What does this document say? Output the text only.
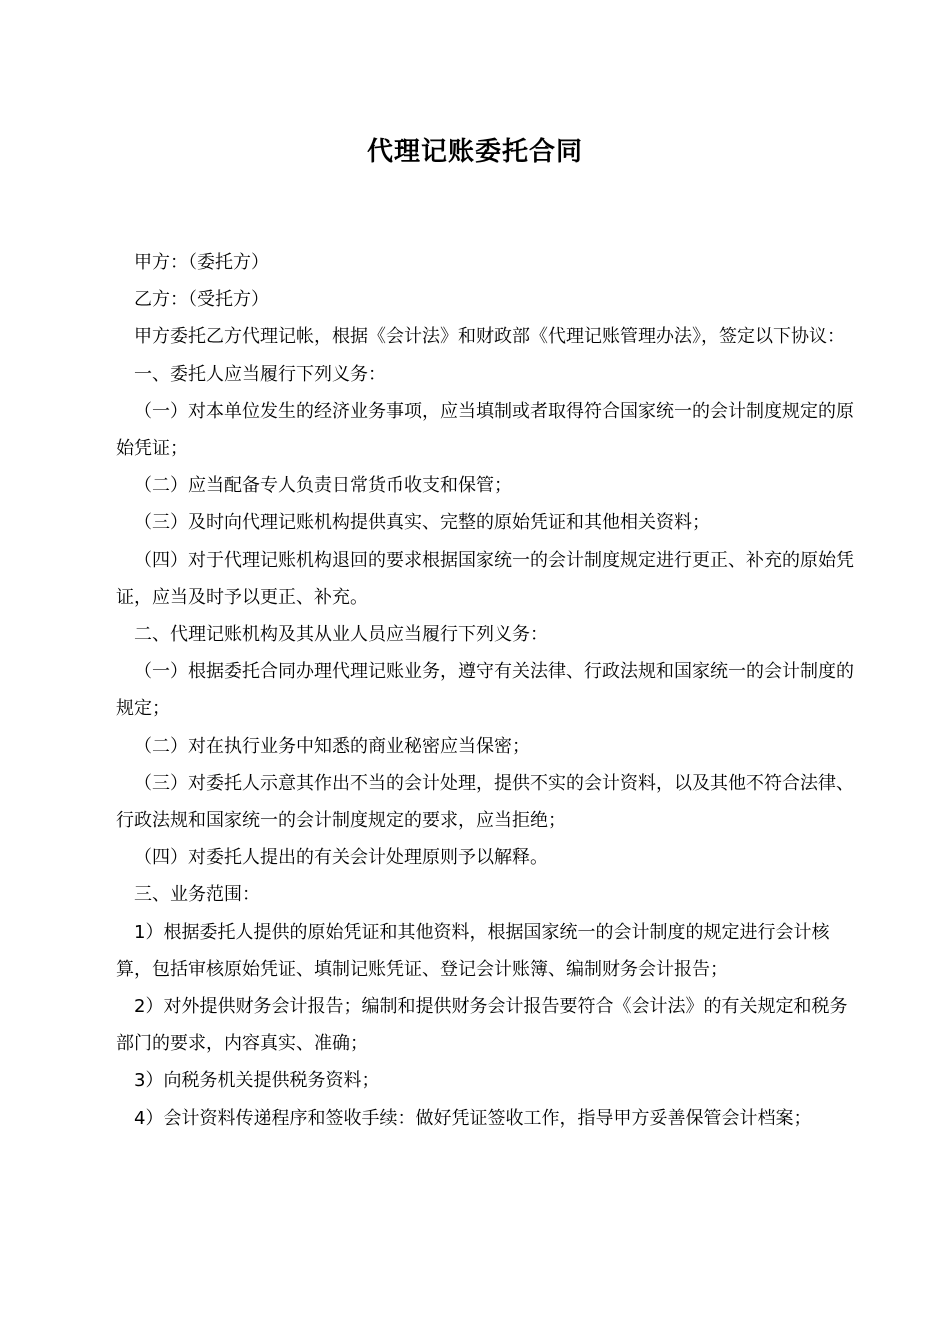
代理记账委托合同

甲方：（委托方）

乙方：（受托方）

甲方委托乙方代理记帐，根据《会计法》和财政部《代理记账管理办法》，签定以下协议：

一、委托人应当履行下列义务：

（一）对本单位发生的经济业务事项，应当填制或者取得符合国家统一的会计制度规定的原始凭证；

（二）应当配备专人负责日常货币收支和保管；

（三）及时向代理记账机构提供真实、完整的原始凭证和其他相关资料；

（四）对于代理记账机构退回的要求根据国家统一的会计制度规定进行更正、补充的原始凭证，应当及时予以更正、补充。

二、代理记账机构及其从业人员应当履行下列义务：

（一）根据委托合同办理代理记账业务，遵守有关法律、行政法规和国家统一的会计制度的规定；

（二）对在执行业务中知悉的商业秘密应当保密；

（三）对委托人示意其作出不当的会计处理，提供不实的会计资料，以及其他不符合法律、行政法规和国家统一的会计制度规定的要求，应当拒绝；

（四）对委托人提出的有关会计处理原则予以解释。

三、业务范围：

1）根据委托人提供的原始凭证和其他资料，根据国家统一的会计制度的规定进行会计核算，包括审核原始凭证、填制记账凭证、登记会计账簿、编制财务会计报告；

2）对外提供财务会计报告；编制和提供财务会计报告要符合《会计法》的有关规定和税务部门的要求，内容真实、准确；

3）向税务机关提供税务资料；

4）会计资料传递程序和签收手续：做好凭证签收工作，指导甲方妥善保管会计档案；
